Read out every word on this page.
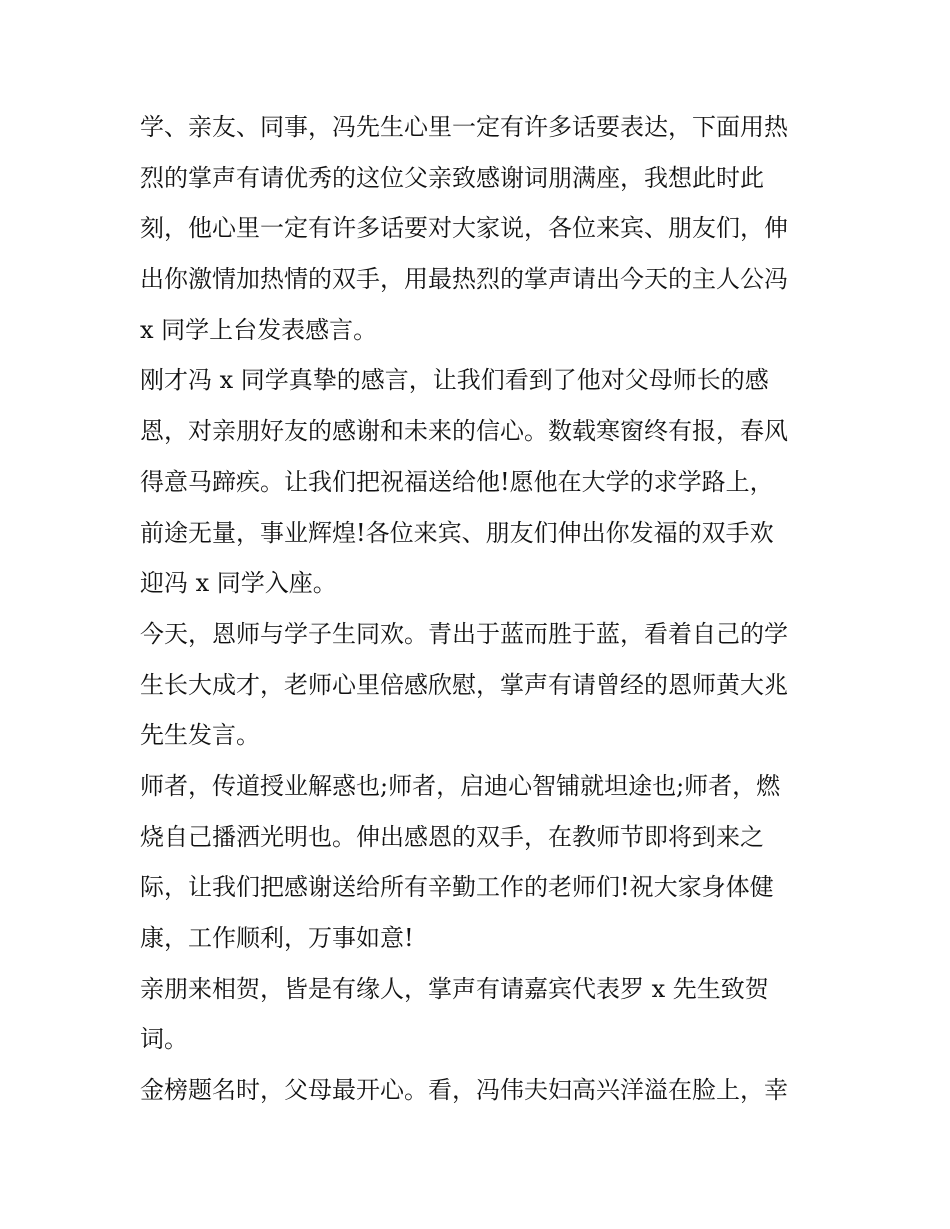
学、亲友、同事，冯先生心里一定有许多话要表达，下面用热
烈的掌声有请优秀的这位父亲致感谢词朋满座，我想此时此
刻，他心里一定有许多话要对大家说，各位来宾、朋友们，伸
出你激情加热情的双手，用最热烈的掌声请出今天的主人公冯
x 同学上台发表感言。
刚才冯 x 同学真挚的感言，让我们看到了他对父母师长的感
恩，对亲朋好友的感谢和未来的信心。数载寒窗终有报，春风
得意马蹄疾。让我们把祝福送给他!愿他在大学的求学路上，
前途无量，事业辉煌!各位来宾、朋友们伸出你发福的双手欢
迎冯 x 同学入座。
今天，恩师与学子生同欢。青出于蓝而胜于蓝，看着自己的学
生长大成才，老师心里倍感欣慰，掌声有请曾经的恩师黄大兆
先生发言。
师者，传道授业解惑也;师者，启迪心智铺就坦途也;师者，燃
烧自己播洒光明也。伸出感恩的双手，在教师节即将到来之
际，让我们把感谢送给所有辛勤工作的老师们!祝大家身体健
康，工作顺利，万事如意!
亲朋来相贺，皆是有缘人，掌声有请嘉宾代表罗 x 先生致贺
词。
金榜题名时，父母最开心。看，冯伟夫妇高兴洋溢在脸上，幸
